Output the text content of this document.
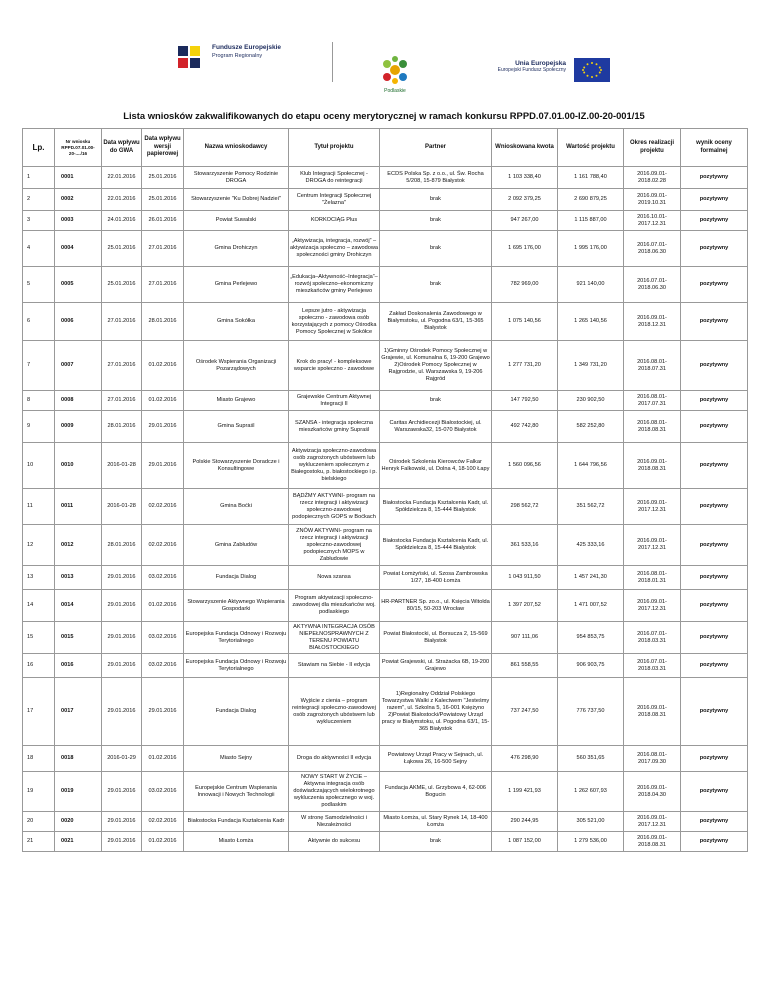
Fundusze Europejskie
Program Regionalny
Podlaskie
Unia Europejska
Europejski Fundusz Społeczny
Lista wniosków zakwalifikowanych do etapu oceny merytorycznej w ramach konkursu RPPD.07.01.00-IZ.00-20-001/15
Lp.	Nr wniosku RPPD.07.01.00-20-..../16	Data wpływu do GWA	Data wpływu wersji papierowej	Nazwa wnioskodawcy	Tytuł projektu	Partner	Wnioskowana kwota	Wartość projektu	Okres realizacji projektu	wynik oceny formalnej
1	0001	22.01.2016	25.01.2016	Stowarzyszenie Pomocy Rodzinie DROGA	Klub Integracji Społecznej - DROGA do reintegracji	ECDS Polska Sp. z o.o., ul. Św. Rocha 5/208, 15-879 Białystok	1 103 338,40	1 161 788,40	2016.09.01-2018.02.28	pozytywny
2	0002	22.01.2016	25.01.2016	Stowarzyszenie "Ku Dobrej Nadziei"	Centrum Integracji Społecznej "Żelazna"	brak	2 092 379,25	2 690 879,25	2016.09.01-2019.10.31	pozytywny
3	0003	24.01.2016	26.01.2016	Powiat Suwalski	KORKOCIĄG Plus	brak	947 267,00	1 115 887,00	2016.10.01-2017.12.31	pozytywny
4	0004	25.01.2016	27.01.2016	Gmina Drohiczyn	„Aktywizacja, integracja, rozwój” – aktywizacja społeczno – zawodowa społeczności gminy Drohiczyn	brak	1 695 176,00	1 995 176,00	2016.07.01-2018.06.30	pozytywny
5	0005	25.01.2016	27.01.2016	Gmina Perlejewo	„Edukacja–Aktywność–Integracja”– rozwój społeczno–ekonomiczny mieszkańców gminy Perlejewo	brak	782 969,00	921 140,00	2016.07.01-2018.06.30	pozytywny
6	0006	27.01.2016	28.01.2016	Gmina Sokółka	Lepsze jutro - aktywizacja społeczno - zawodowa osób korzystających z pomocy Ośrodka Pomocy Społecznej w Sokółce	Zakład Doskonalenia Zawodowego w Białymstoku, ul. Pogodna 63/1, 15-365 Białystok	1 075 140,56	1 265 140,56	2016.09.01-2018.12.31	pozytywny
7	0007	27.01.2016	01.02.2016	Ośrodek Wspierania Organizacji Pozarządowych	Krok do pracy! - kompleksowe wsparcie społeczno - zawodowe	1)Gminny Ośrodek Pomocy Społecznej w Grajewie, ul. Komunalna 6, 19-200 Grajewo 2)Ośrodek Pomocy Społecznej w Rajgrodzie, ul. Warszawska 9, 19-206 Rajgród	1 277 731,20	1 349 731,20	2016.08.01-2018.07.31	pozytywny
8	0008	27.01.2016	01.02.2016	Miasto Grajewo	Grajewskie Centrum Aktywnej Integracji II	brak	147 792,50	230 902,50	2016.08.01-2017.07.31	pozytywny
9	0009	28.01.2016	29.01.2016	Gmina Supraśl	SZANSA - integracja społeczna mieszkańców gminy Supraśl	Caritas Archidiecezji Białostockiej, ul. Warszawska32, 15-070 Białystok	492 742,80	582 252,80	2016.08.01-2018.08.31	pozytywny
10	0010	2016-01-28	29.01.2016	Polskie Stowarzyszenie Doradcze i Konsultingowe	Aktywizacja społeczno-zawodowa osób zagrożonych ubóstwem lub wykluczeniem społecznym z Białegostoku, p. białostockiego i p. bielskiego	Ośrodek Szkolenia Kierowców Falkar Henryk Falkowski, ul. Dolna 4, 18-100 Łapy	1 560 096,56	1 644 796,56	2016.09.01-2018.08.31	pozytywny
11	0011	2016-01-28	02.02.2016	Gmina Boćki	BĄDŹMY AKTYWNI- program na rzecz integracji i aktywizacji społeczno-zawodowej podopiecznych GOPS w Boćkach	Białostocka Fundacja Kształcenia Kadr, ul. Spółdzielcza 8, 15-444 Białystok	298 562,72	351 562,72	2016.09.01-2017.12.31	pozytywny
12	0012	28.01.2016	02.02.2016	Gmina Zabłudów	ZNÓW AKTYWNI- program na rzecz integracji i aktywizacji społeczno-zawodowej podopiecznych MOPS w Zabłudowie	Białostocka Fundacja Kształcenia Kadr, ul. Spółdzielcza 8, 15-444 Białystok	361 533,16	425 333,16	2016.09.01-2017.12.31	pozytywny
13	0013	29.01.2016	03.02.2016	Fundacja Dialog	Nowa szansa	Powiat Łomżyński, ul. Szosa Zambrowska 1/27, 18-400 Łomża	1 043 911,50	1 457 241,30	2016.08.01-2018.01.31	pozytywny
14	0014	29.01.2016	01.02.2016	Stowarzyszenie Aktywnego Wspierania Gospodarki	Program aktywizacji społeczno-zawodowej dla mieszkańców woj. podlaskiego	HR-PARTNER Sp. zo.o., ul. Księcia Witolda 80/15, 50-203 Wrocław	1 397 207,52	1 471 007,52	2016.09.01-2017.12.31	pozytywny
15	0015	29.01.2016	03.02.2016	Europejska Fundacja Odnowy i Rozwoju Terytorialnego	AKTYWNA INTEGRACJA OSÓB NIEPEŁNOSPRAWNYCH Z TERENU POWIATU BIAŁOSTOCKIEGO	Powiat Białostocki, ul. Borsucza 2, 15-569 Białystok	907 111,06	954 853,75	2016.07.01-2018.03.31	pozytywny
16	0016	29.01.2016	03.02.2016	Europejska Fundacja Odnowy i Rozwoju Terytorialnego	Stawiam na Siebie - II edycja	Powiat Grajewski, ul. Strażacka 6B, 19-200 Grajewo	861 558,55	906 903,75	2016.07.01-2018.03.31	pozytywny
17	0017	29.01.2016	29.01.2016	Fundacja Dialog	Wyjście z cienia – program reintegracji społeczno-zawodowej osób zagrożonych ubóstwem lub wykluczeniem	1)Regionalny Oddział Polskiego Towarzystwa Walki z Kalectwem "Jesteśmy razem", ul. Szkolna 5, 16-001 Księżyno 2)Powiat Białostocki/Powiatowy Urząd pracy w Białymstoku, ul. Pogodna 63/1, 15-365 Białystok	737 247,50	776 737,50	2016.09.01-2018.08.31	pozytywny
18	0018	2016-01-29	01.02.2016	Miasto Sejny	Droga do aktywności II edycja	Powiatowy Urząd Pracy w Sejnach, ul. Łąkowa 26, 16-500 Sejny	476 298,90	560 351,65	2016.08.01-2017.09.30	pozytywny
19	0019	29.01.2016	03.02.2016	Europejskie Centrum Wspierania Innowacji i Nowych Technologii	NOWY START W ŻYCIE – Aktywna integracja osób doświadczających wielokrotnego wykluczenia społecznego w woj. podlaskim	Fundacja AKME, ul. Grzybowa 4, 62-006 Bogucin	1 199 421,93	1 262 607,93	2016.09.01-2018.04.30	pozytywny
20	0020	29.01.2016	02.02.2016	Białostocka Fundacja Kształcenia Kadr	W stronę Samodzielności i Niezależności	Miasto Łomża, ul. Stary Rynek 14, 18-400 Łomża	290 244,95	305 521,00	2016.09.01-2017.12.31	pozytywny
21	0021	29.01.2016	01.02.2016	Miasto Łomża	Aktywnie do sukcesu	brak	1 087 152,00	1 279 536,00	2016.09.01-2018.08.31	pozytywny
